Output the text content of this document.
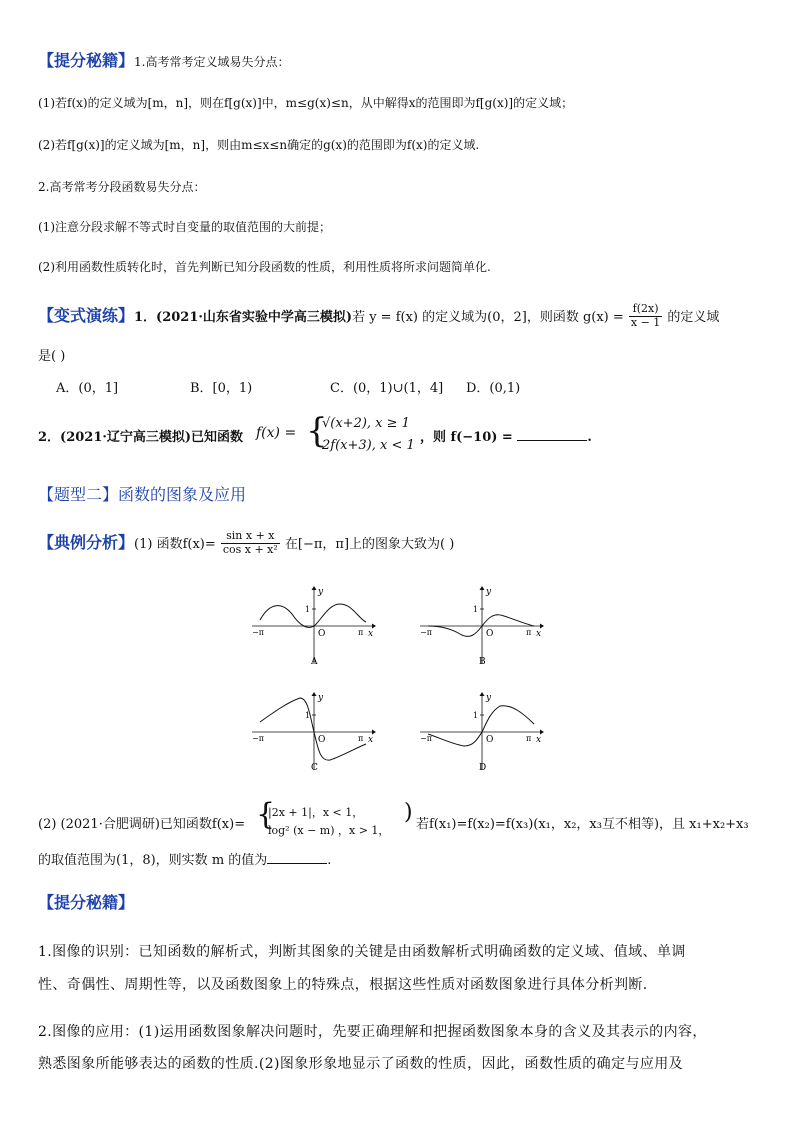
【提分秘籍】1.高考常考定义域易失分点：
(1)若f(x)的定义域为[m，n]，则在f[g(x)]中，m≤g(x)≤n，从中解得x的范围即为f[g(x)]的定义域；
(2)若f[g(x)]的定义域为[m，n]，则由m≤x≤n确定的g(x)的范围即为f(x)的定义域.
2.高考常考分段函数易失分点：
(1)注意分段求解不等式时自变量的取值范围的大前提；
(2)利用函数性质转化时，首先判断已知分段函数的性质，利用性质将所求问题简单化.
【变式演练】1．(2021·山东省实验中学高三模拟)若 y = f(x) 的定义域为(0，2]，则函数 $g(x) = \frac{f(2x)}{x - 1}$ 的定义域
是( )
A．(0，1]	B．[0，1)	C．(0，1)∪(1，4] D．(0,1)
2．(2021·辽宁高三模拟)已知函数 f(x) = {
√(x+2), x ≥ 1
2f(x+3), x < 1
，则 f(−10) =	.
【题型二】函数的图象及应用
【典例分析】(1) 函数$f(x)= \frac{\text{sin x + x}}{\text{cos x + x²}}$ 在[−π，π]上的图象大致为( )
1
O
y
x
−π	π
A
1
O
y
x
−π	π
B
1
O
y
x
−π	π
C
1
O
y
x
−π	π
D
(2) (2021·合肥调研)已知函数f(x)= {
|2x + 1|，x < 1，
log² (x − m) ，x > 1，
) 若f(x₁)=f(x₂)=f(x₃)(x₁，x₂，x₃互不相等)，且 x₁+x₂+x₃
的取值范围为(1，8)，则实数 m 的值为	.
【提分秘籍】
1.图像的识别：已知函数的解析式，判断其图象的关键是由函数解析式明确函数的定义域、值域、单调
性、奇偶性、周期性等，以及函数图象上的特殊点，根据这些性质对函数图象进行具体分析判断.
2.图像的应用：(1)运用函数图象解决问题时，先要正确理解和把握函数图象本身的含义及其表示的内容，
熟悉图象所能够表达的函数的性质.(2)图象形象地显示了函数的性质，因此，函数性质的确定与应用及
